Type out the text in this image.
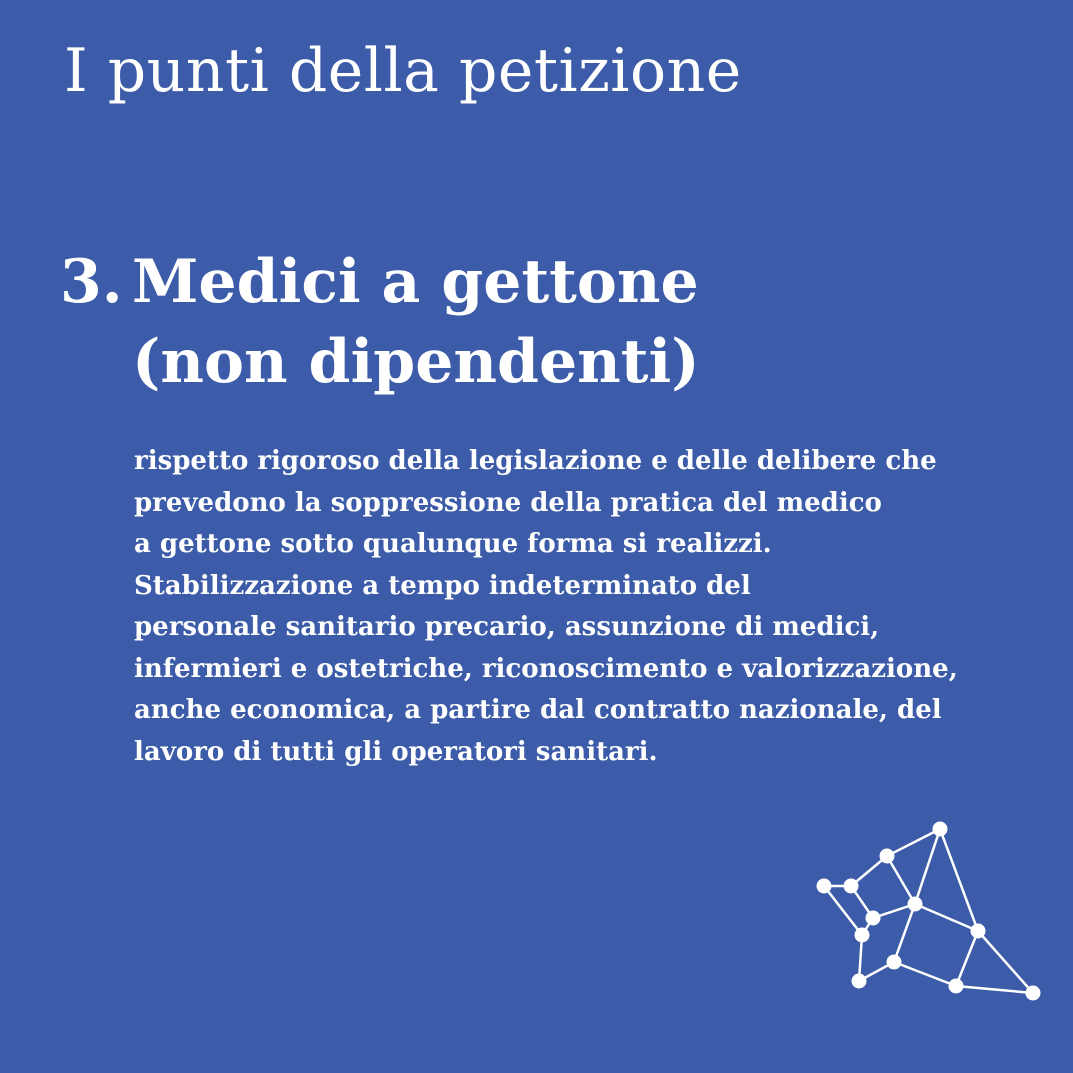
I punti della petizione
3. Medici a gettone
(non dipendenti)
rispetto rigoroso della legislazione e delle delibere che
prevedono la soppressione della pratica del medico
a gettone sotto qualunque forma si realizzi.
Stabilizzazione a tempo indeterminato del
personale sanitario precario, assunzione di medici,
infermieri e ostetriche, riconoscimento e valorizzazione,
anche economica, a partire dal contratto nazionale, del
lavoro di tutti gli operatori sanitari.
